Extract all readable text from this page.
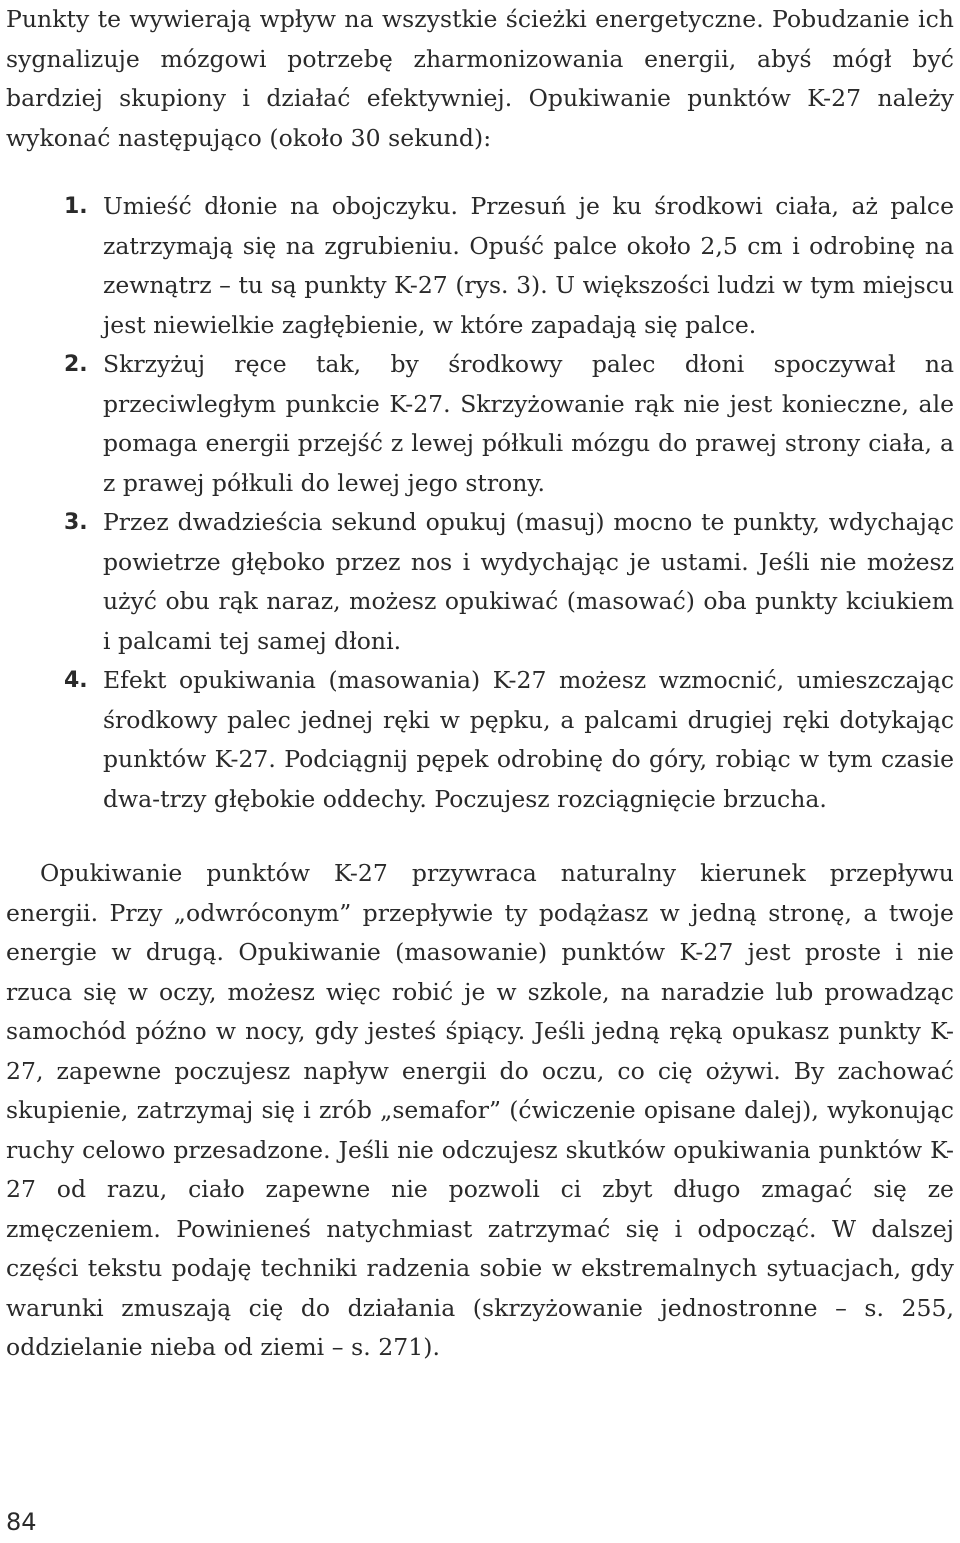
Punkty te wywierają wpływ na wszystkie ścieżki energetyczne. Pobudzanie ich sygnalizuje mózgowi potrzebę zharmonizowania energii, abyś mógł być bardziej skupiony i działać efektywniej. Opukiwanie punktów K-27 należy wykonać następująco (około 30 sekund):

1. Umieść dłonie na obojczyku. Przesuń je ku środkowi ciała, aż palce zatrzymają się na zgrubieniu. Opuść palce około 2,5 cm i odrobinę na zewnątrz – tu są punkty K-27 (rys. 3). U większości ludzi w tym miejscu jest niewielkie zagłębienie, w które zapadają się palce.
2. Skrzyżuj ręce tak, by środkowy palec dłoni spoczywał na przeciwległym punkcie K-27. Skrzyżowanie rąk nie jest konieczne, ale pomaga energii przejść z lewej półkuli mózgu do prawej strony ciała, a z prawej półkuli do lewej jego strony.
3. Przez dwadzieścia sekund opukuj (masuj) mocno te punkty, wdychając powietrze głęboko przez nos i wydychając je ustami. Jeśli nie możesz użyć obu rąk naraz, możesz opukiwać (masować) oba punkty kciukiem i palcami tej samej dłoni.
4. Efekt opukiwania (masowania) K-27 możesz wzmocnić, umieszczając środkowy palec jednej ręki w pępku, a palcami drugiej ręki dotykając punktów K-27. Podciągnij pępek odrobinę do góry, robiąc w tym czasie dwa-trzy głębokie oddechy. Poczujesz rozciągnięcie brzucha.

Opukiwanie punktów K-27 przywraca naturalny kierunek przepływu energii. Przy „odwróconym” przepływie ty podążasz w jedną stronę, a twoje energie w drugą. Opukiwanie (masowanie) punktów K-27 jest proste i nie rzuca się w oczy, możesz więc robić je w szkole, na naradzie lub prowadząc samochód późno w nocy, gdy jesteś śpiący. Jeśli jedną ręką opukasz punkty K-27, zapewne poczujesz napływ energii do oczu, co cię ożywi. By zachować skupienie, zatrzymaj się i zrób „semafor” (ćwiczenie opisane dalej), wykonując ruchy celowo przesadzone. Jeśli nie odczujesz skutków opukiwania punktów K-27 od razu, ciało zapewne nie pozwoli ci zbyt długo zmagać się ze zmęczeniem. Powinieneś natychmiast zatrzymać się i odpocząć. W dalszej części tekstu podaję techniki radzenia sobie w ekstremalnych sytuacjach, gdy warunki zmuszają cię do działania (skrzyżowanie jednostronne – s. 255, oddzielanie nieba od ziemi – s. 271).

84
